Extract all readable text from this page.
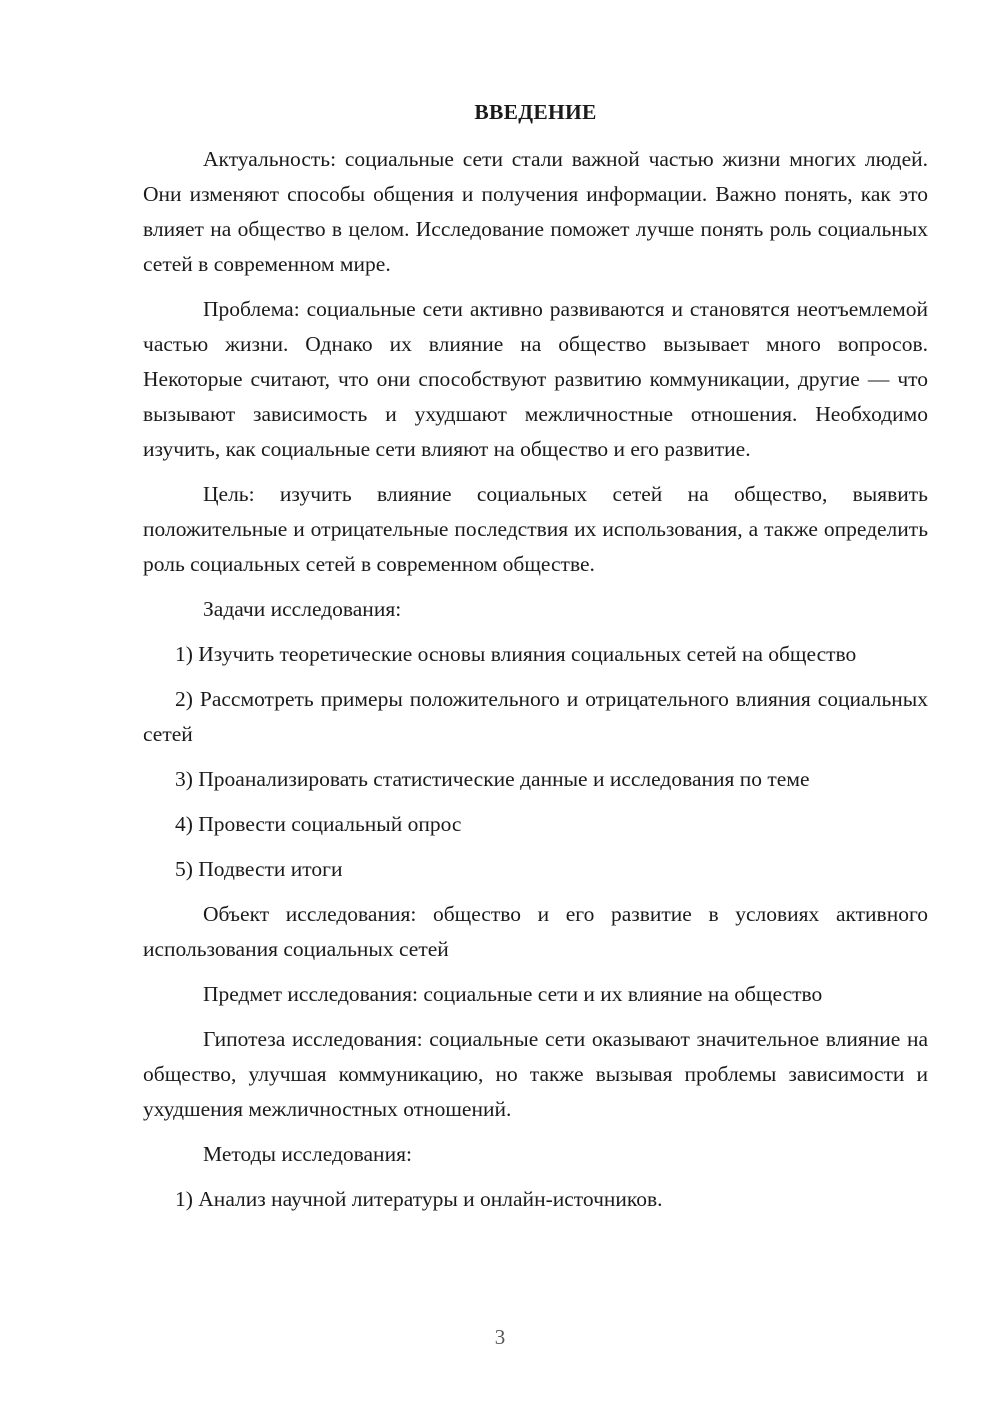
ВВЕДЕНИЕ

Актуальность: социальные сети стали важной частью жизни многих людей. Они изменяют способы общения и получения информации. Важно понять, как это влияет на общество в целом. Исследование поможет лучше понять роль социальных сетей в современном мире.

Проблема: социальные сети активно развиваются и становятся неотъемлемой частью жизни. Однако их влияние на общество вызывает много вопросов. Некоторые считают, что они способствуют развитию коммуникации, другие — что вызывают зависимость и ухудшают межличностные отношения. Необходимо изучить, как социальные сети влияют на общество и его развитие.

Цель: изучить влияние социальных сетей на общество, выявить положительные и отрицательные последствия их использования, а также определить роль социальных сетей в современном обществе.

Задачи исследования:

1) Изучить теоретические основы влияния социальных сетей на общество

2) Рассмотреть примеры положительного и отрицательного влияния социальных сетей

3) Проанализировать статистические данные и исследования по теме

4) Провести социальный опрос

5) Подвести итоги

Объект исследования: общество и его развитие в условиях активного использования социальных сетей

Предмет исследования: социальные сети и их влияние на общество

Гипотеза исследования: социальные сети оказывают значительное влияние на общество, улучшая коммуникацию, но также вызывая проблемы зависимости и ухудшения межличностных отношений.

Методы исследования:

1) Анализ научной литературы и онлайн-источников.

3
